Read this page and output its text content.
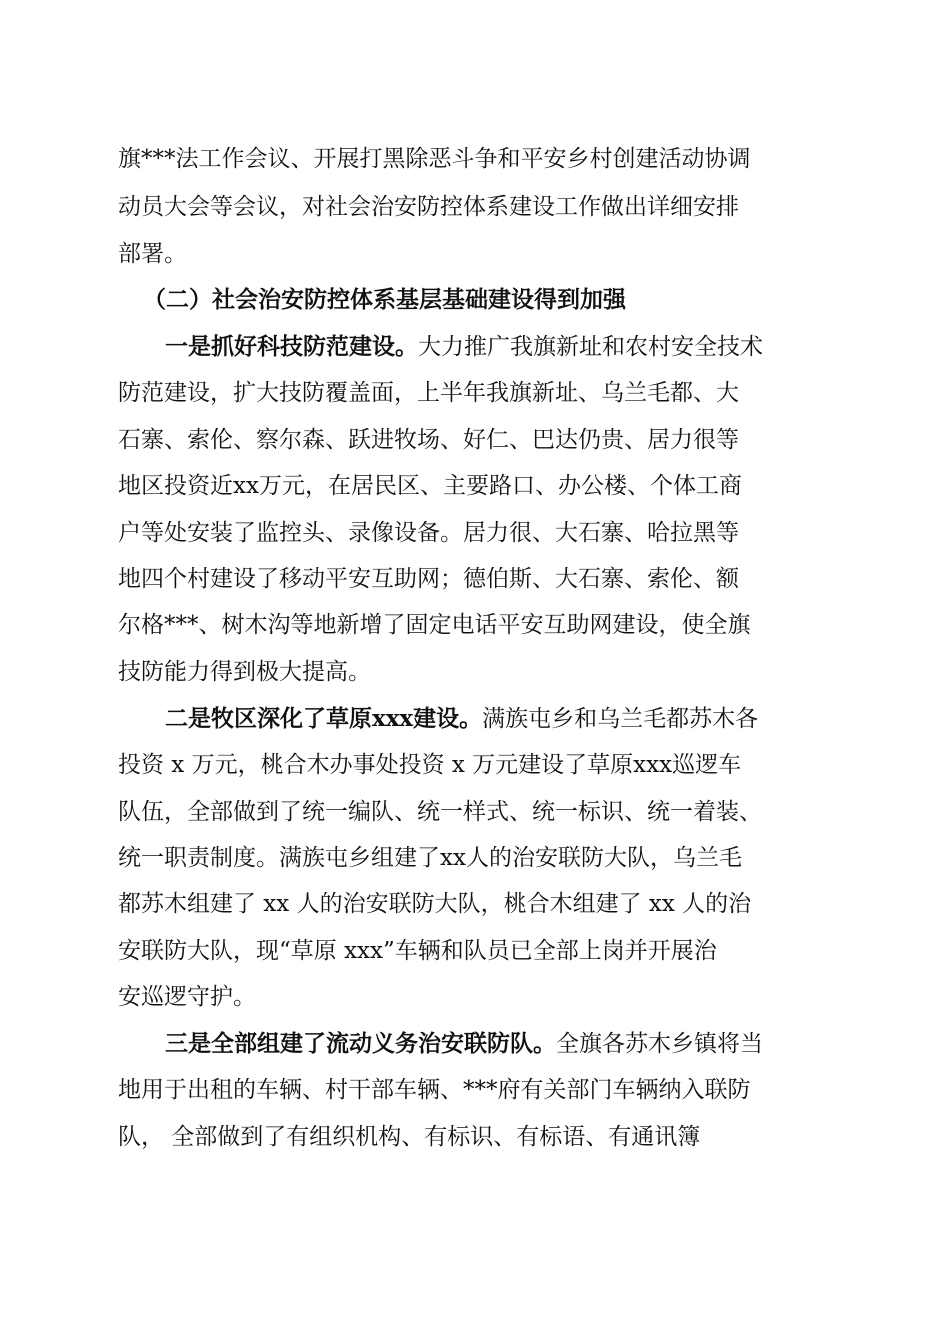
旗***法工作会议、开展打黑除恶斗争和平安乡村创建活动协调
动员大会等会议，对社会治安防控体系建设工作做出详细安排
部署。
（二）社会治安防控体系基层基础建设得到加强
一是抓好科技防范建设。大力推广我旗新址和农村安全技术
防范建设，扩大技防覆盖面，上半年我旗新址、乌兰毛都、大
石寨、索伦、察尔森、跃进牧场、好仁、巴达仍贵、居力很等
地区投资近xx万元，在居民区、主要路口、办公楼、个体工商
户等处安装了监控头、录像设备。居力很、大石寨、哈拉黑等
地四个村建设了移动平安互助网；德伯斯、大石寨、索伦、额
尔格***、树木沟等地新增了固定电话平安互助网建设，使全旗
技防能力得到极大提高。
二是牧区深化了草原xxx建设。满族屯乡和乌兰毛都苏木各
投资 x 万元，桃合木办事处投资 x 万元建设了草原xxx巡逻车
队伍，全部做到了统一编队、统一样式、统一标识、统一着装、
统一职责制度。满族屯乡组建了xx人的治安联防大队，乌兰毛
都苏木组建了 xx 人的治安联防大队，桃合木组建了 xx 人的治
安联防大队，现“草原 xxx”车辆和队员已全部上岗并开展治
安巡逻守护。
三是全部组建了流动义务治安联防队。全旗各苏木乡镇将当
地用于出租的车辆、村干部车辆、***府有关部门车辆纳入联防
队， 全部做到了有组织机构、有标识、有标语、有通讯簿
